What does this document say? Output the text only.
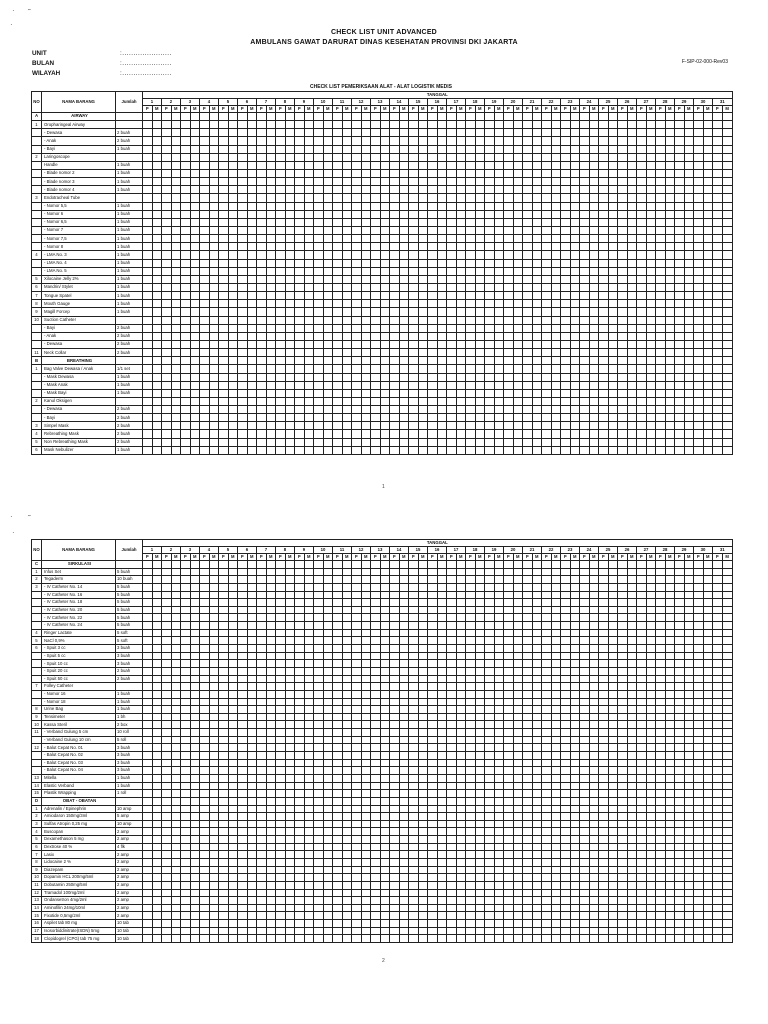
· ˜
·
· ˜
·
CHECK LIST UNIT ADVANCED
AMBULANS GAWAT DARURAT DINAS KESEHATAN PROVINSI DKI JAKARTA
UNIT	:......................
BULAN	:......................
WILAYAH	:......................
F-SIP-02-000-Rev03
CHECK LIST PEMERIKSAAN ALAT - ALAT LOGISTIK MEDIS
NO	NAMA BARANG	Jumlah	TANGGAL
1	2	3	4	5	6	7	8	9	10	11	12	13	14	15	16	17	18	19	20	21	22	23	24	25	26	27	28	29	30	31
P	M	P	M	P	M	P	M	P	M	P	M	P	M	P	M	P	M	P	M	P	M	P	M	P	M	P	M	P	M	P	M	P	M	P	M	P	M	P	M	P	M	P	M	P	M	P	M	P	M	P	M	P	M	P	M	P	M	P	M	P	M
A	AIRWAY																																																															
1	Oropharingeal Airway																																																															
	- Dewasa	2 buah																																																														
	- Anak	2 buah																																																														
	- Bayi	1 buah																																																														
2	Laringoscope																																																															
	Handle	1 buah																																																														
	- Blade nomor 2	1 buah																																																														
	- Blade nomor 3	1 buah																																																														
	- Blade nomor 4	1 buah																																																														
3	Endotracheal Tube																																																															
	- Nomor 5,5	1 buah																																																														
	- Nomor 6	1 buah																																																														
	- Nomor 6,5	1 buah																																																														
	- Nomor 7	1 buah																																																														
	- Nomor 7,5	1 buah																																																														
	- Nomor 8	1 buah																																																														
4	- LMA No. 3	1 buah																																																														
	- LMA No. 4	1 buah																																																														
	- LMA No. 5	1 buah																																																														
5	Xilocaine Jelly 2%	1 buah																																																														
6	Mandrin/ Stylet	1 buah																																																														
7	Tongue Spatel	1 buah																																																														
8	Mouth Gauge	1 buah																																																														
9	Magill Forcep	1 buah																																																														
10	Suction Catheter																																																															
	- Bayi	2 buah																																																														
	- Anak	2 buah																																																														
	- Dewasa	2 buah																																																														
11	Neck Collar	2 buah																																																														
B	BREATHING																																																															
1	Bag Valve Dewasa / Anak	1/1 set																																																														
	- Mask Dewasa	1 buah																																																														
	- Mask Anak	1 buah																																																														
	- Mask Bayi	1 buah																																																														
2	Kanul Oksigen																																																															
	- Dewasa	2 buah																																																														
	- Bayi	2 buah																																																														
3	Simpel Mask	2 buah																																																														
4	Rebreathing Mask	2 buah																																																														
5	Non Rebreathing Mask	2 buah																																																														
6	Mask Nebulizer	1 buah																																																														
1
NO	NAMA BARANG	Jumlah	TANGGAL
1	2	3	4	5	6	7	8	9	10	11	12	13	14	15	16	17	18	19	20	21	22	23	24	25	26	27	28	29	30	31
P	M	P	M	P	M	P	M	P	M	P	M	P	M	P	M	P	M	P	M	P	M	P	M	P	M	P	M	P	M	P	M	P	M	P	M	P	M	P	M	P	M	P	M	P	M	P	M	P	M	P	M	P	M	P	M	P	M	P	M	P	M
C	SIRKULASI																																																															
1	Infus Set	5 buah																																																														
2	Tegaderm	10 buah																																																														
3	- IV Catheter No. 14	5 buah																																																														
	- IV Catheter No. 16	5 buah																																																														
	- IV Catheter No. 18	5 buah																																																														
	- IV Catheter No. 20	5 buah																																																														
	- IV Catheter No. 22	5 buah																																																														
	- IV Catheter No. 24	5 buah																																																														
4	Ringer Lactate	5 soft																																																														
5	NaCl 0,9%	5 soft																																																														
6	- Spuit 3 cc	3 buah																																																														
	- Spuit 5 cc	3 buah																																																														
	- Spuit 10 cc	3 buah																																																														
	- Spuit 20 cc	2 buah																																																														
	- Spuit 50 cc	2 buah																																																														
7	Folley Catheter																																																															
	- Nomor 16	1 buah																																																														
	- Nomor 18	1 buah																																																														
8	Urine Bag	1 buah																																																														
9	Tensimeter	1 bh																																																														
10	Kassa Steril	2 box																																																														
11	- Verband Gulung 5 cm	10 roll																																																														
	- Verband Gulung 10 cm	5 roll																																																														
12	- Balut Cepat No. 01	3 buah																																																														
	- Balut Cepat No. 02	3 buah																																																														
	- Balut Cepat No. 03	3 buah																																																														
	- Balut Cepat No. 04	3 buah																																																														
13	Mitella	1 buah																																																														
14	Elastic Verband	1 buah																																																														
15	Plastik Wrapping	1 roll																																																														
D	OBAT - OBATAN																																																															
1	Adrenalin / Epinephrin	10 amp																																																														
2	Amiodaron 150mg/3ml	5 amp																																																														
3	Sulfas Atropin 0,25 mg	10 amp																																																														
4	Buscopan	2 amp																																																														
5	Dexamethason 5 mg	2 amp																																																														
6	Dextrose 40 %	4 flk																																																														
7	Lasix	2 amp																																																														
8	Lidocaine 2 %	2 amp																																																														
9	Diazepam	2 amp																																																														
10	Dopamin HCL 200mg/5ml	2 amp																																																														
11	Dobutamin 250mg/5ml	2 amp																																																														
12	Tramadol 100mg/2ml	2 amp																																																														
13	Ondansetron 4mg/2ml	2 amp																																																														
14	Aminofilin 24mg/10ml	2 amp																																																														
15	Fixotide 0,5mg/2ml	2 amp																																																														
16	Aspilet tab 80 mg	10 tab																																																														
17	Isosorbiddinitrate(ISDN) 5mg	10 tab																																																														
18	Clopidogrel (CPG) tab 75 mg	10 tab																																																														
2
